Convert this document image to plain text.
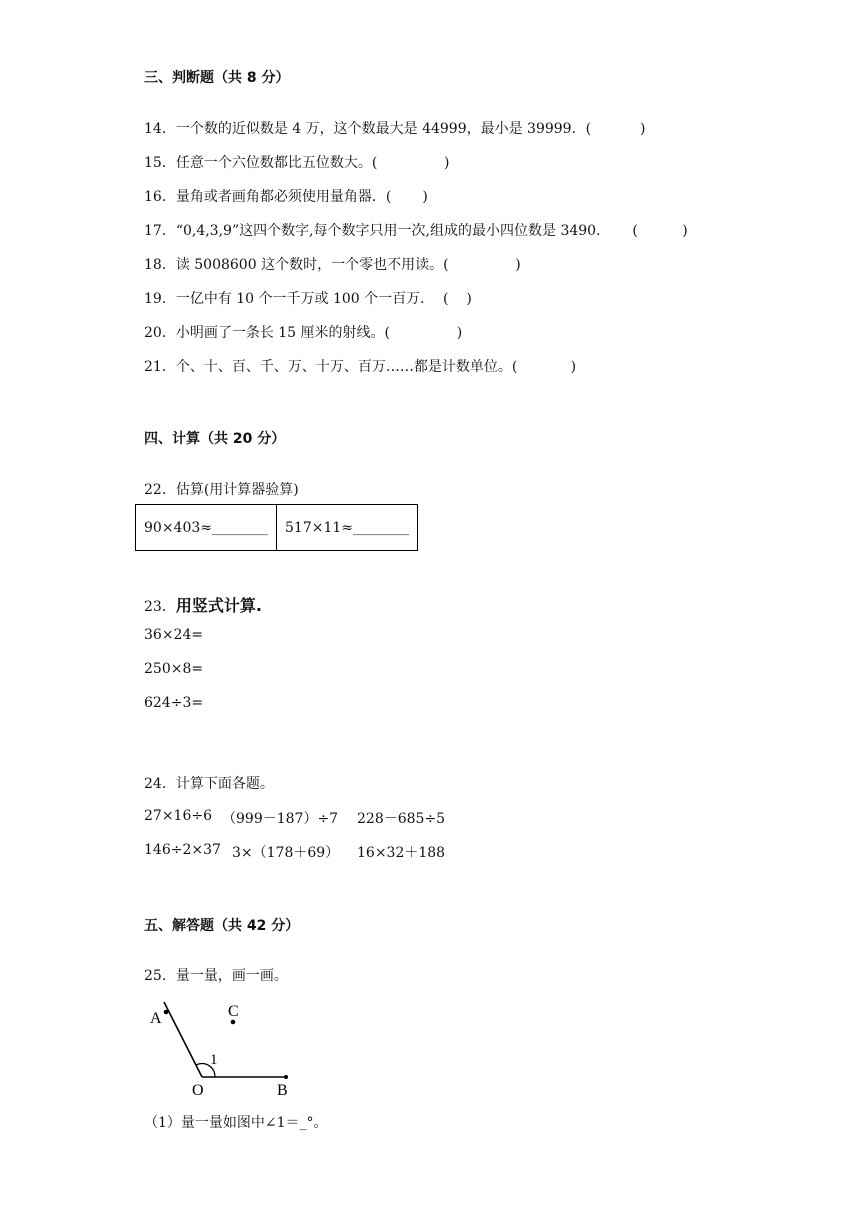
三、判断题（共 8 分）
14．一个数的近似数是 4 万，这个数最大是 44999，最小是 39999．(           )
15．任意一个六位数都比五位数大。(               )
16．量角或者画角都必须使用量角器．(       )
17．“0,4,3,9”这四个数字,每个数字只用一次,组成的最小四位数是 3490．     (          )
18．读 5008600 这个数时，一个零也不用读。(               )
19．一亿中有 10 个一千万或 100 个一百万．  (    )
20．小明画了一条长 15 厘米的射线。(               )
21．个、十、百、千、万、十万、百万……都是计数单位。(            )
四、计算（共 20 分）
22．估算(用计算器验算)
90×403≈________	517×11≈________
23．用竖式计算.
36×24=
250×8=
624÷3=
24．计算下面各题。
27×16÷6 （999－187）÷7 228－685÷5
146÷2×37 3×（178＋69） 16×32＋188
五、解答题（共 42 分）
25．量一量，画一画。
A	C
1
O	B
（1）量一量如图中∠1＝_°。
